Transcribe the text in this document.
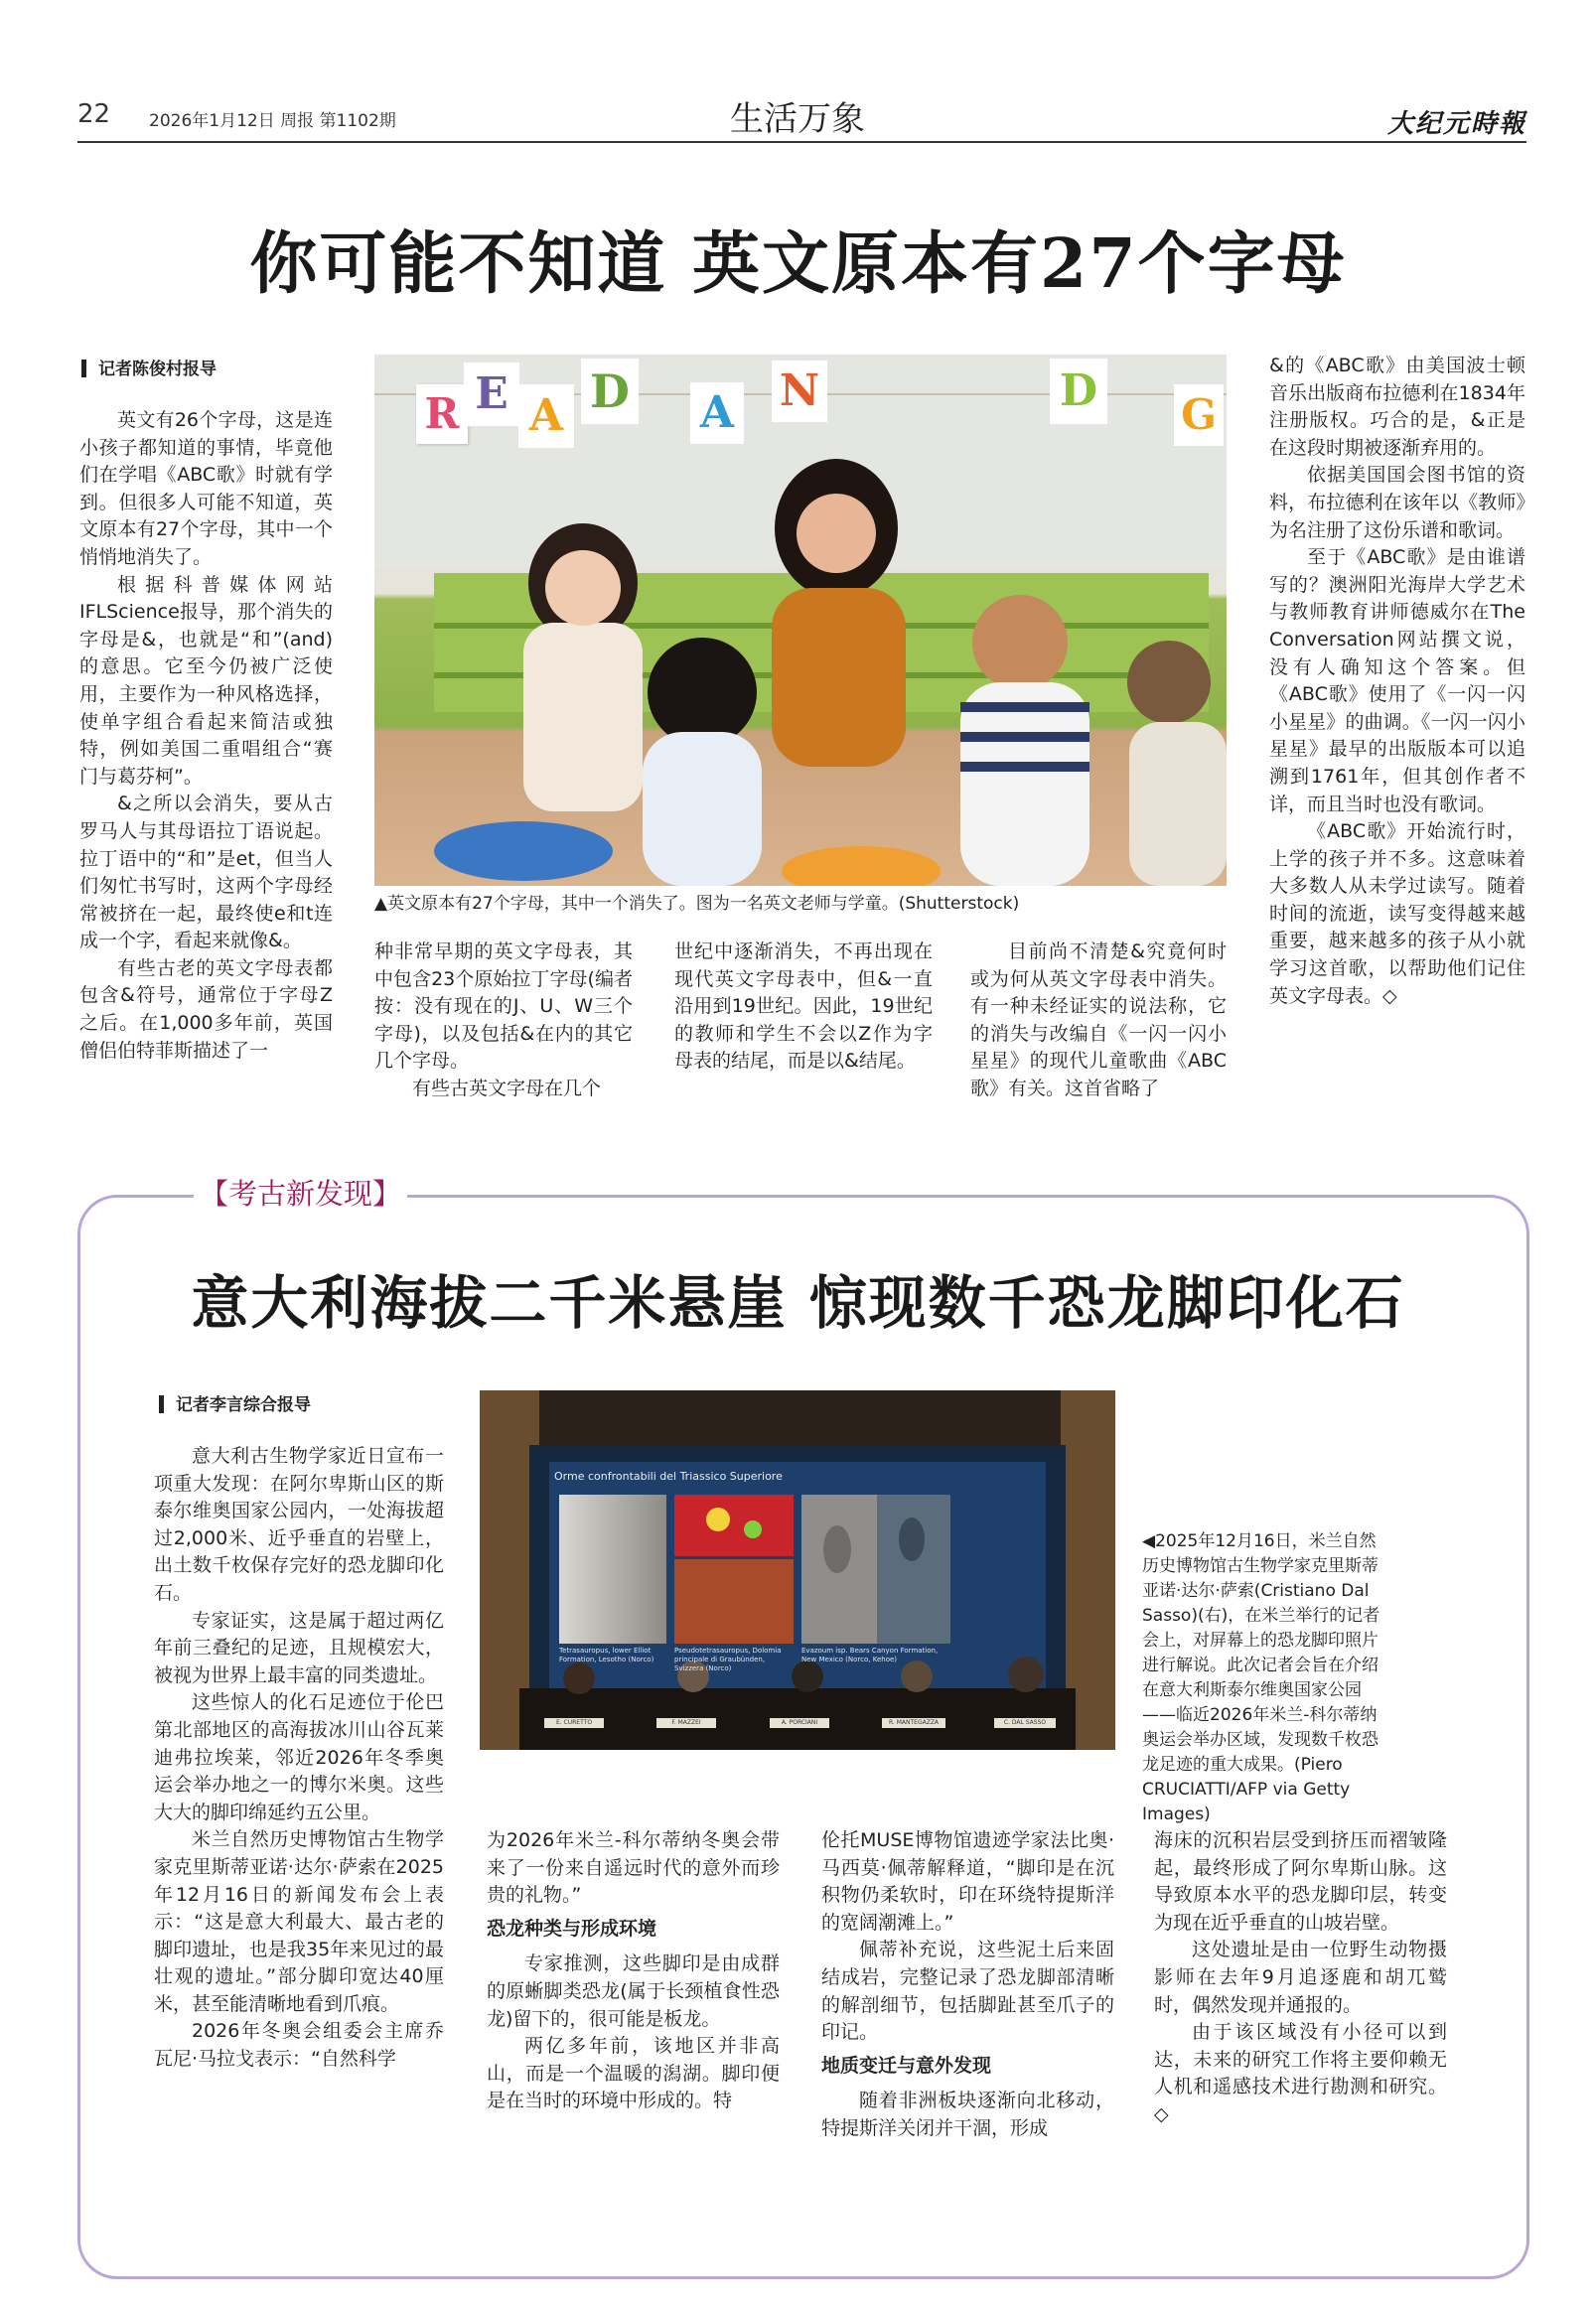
22 2026年1月12日 周报 第1102期	生活万象	大纪元時報
你可能不知道 英文原本有27个字母
记者陈俊村报导

英文有26个字母，这是连小孩子都知道的事情，毕竟他们在学唱《ABC歌》时就有学到。但很多人可能不知道，英文原本有27个字母，其中一个悄悄地消失了。

根据科普媒体网站IFLScience报导，那个消失的字母是&，也就是“和”(and)的意思。它至今仍被广泛使用，主要作为一种风格选择，使单字组合看起来简洁或独特，例如美国二重唱组合“赛门与葛芬柯”。

&之所以会消失，要从古罗马人与其母语拉丁语说起。拉丁语中的“和”是et，但当人们匆忙书写时，这两个字母经常被挤在一起，最终使e和t连成一个字，看起来就像&。

有些古老的英文字母表都包含&符号，通常位于字母Z之后。在1,000多年前，英国僧侣伯特菲斯描述了一

R E A D A N	D G
▲英文原本有27个字母，其中一个消失了。图为一名英文老师与学童。(Shutterstock)

种非常早期的英文字母表，其中包含23个原始拉丁字母(编者按：没有现在的J、U、W三个字母)，以及包括&在内的其它几个字母。

有些古英文字母在几个

世纪中逐渐消失，不再出现在现代英文字母表中，但&一直沿用到19世纪。因此，19世纪的教师和学生不会以Z作为字母表的结尾，而是以&结尾。

目前尚不清楚&究竟何时或为何从英文字母表中消失。有一种未经证实的说法称，它的消失与改编自《一闪一闪小星星》的现代儿童歌曲《ABC歌》有关。这首省略了

&的《ABC歌》由美国波士顿音乐出版商布拉德利在1834年注册版权。巧合的是，&正是在这段时期被逐渐弃用的。

依据美国国会图书馆的资料，布拉德利在该年以《教师》为名注册了这份乐谱和歌词。

至于《ABC歌》是由谁谱写的？澳洲阳光海岸大学艺术与教师教育讲师德威尔在The Conversation网站撰文说，没有人确知这个答案。但《ABC歌》使用了《一闪一闪小星星》的曲调。《一闪一闪小星星》最早的出版版本可以追溯到1761年，但其创作者不详，而且当时也没有歌词。

《ABC歌》开始流行时，上学的孩子并不多。这意味着大多数人从未学过读写。随着时间的流逝，读写变得越来越重要，越来越多的孩子从小就学习这首歌，以帮助他们记住英文字母表。◇

【考古新发现】
意大利海拔二千米悬崖 惊现数千恐龙脚印化石
记者李言综合报导

意大利古生物学家近日宣布一项重大发现：在阿尔卑斯山区的斯泰尔维奥国家公园内，一处海拔超过2,000米、近乎垂直的岩壁上，出土数千枚保存完好的恐龙脚印化石。

专家证实，这是属于超过两亿年前三叠纪的足迹，且规模宏大，被视为世界上最丰富的同类遗址。

这些惊人的化石足迹位于伦巴第北部地区的高海拔冰川山谷瓦莱迪弗拉埃莱，邻近2026年冬季奥运会举办地之一的博尔米奥。这些大大的脚印绵延约五公里。

米兰自然历史博物馆古生物学家克里斯蒂亚诺·达尔·萨索在2025年12月16日的新闻发布会上表示：“这是意大利最大、最古老的脚印遗址，也是我35年来见过的最壮观的遗址。”部分脚印宽达40厘米，甚至能清晰地看到爪痕。

2026年冬奥会组委会主席乔瓦尼·马拉戈表示：“自然科学

Orme confrontabili del Triassico Superiore
Tetrasauropus, lower Elliot Formation, Lesotho (Norco)
Pseudotetrasauropus, Dolomia principale di Graubünden, Svizzera (Norco)
Evazoum isp. Bears Canyon Formation, New Mexico (Norco, Kehoe)
E. CURETTO	F. MAZZEI	A. PORCIANI	R. MANTEGAZZA	C. DAL SASSO
◀2025年12月16日，米兰自然历史博物馆古生物学家克里斯蒂亚诺·达尔·萨索(Cristiano Dal Sasso)(右)，在米兰举行的记者会上，对屏幕上的恐龙脚印照片进行解说。此次记者会旨在介绍在意大利斯泰尔维奥国家公园——临近2026年米兰-科尔蒂纳奥运会举办区域，发现数千枚恐龙足迹的重大成果。(Piero CRUCIATTI/AFP via Getty Images)

为2026年米兰-科尔蒂纳冬奥会带来了一份来自遥远时代的意外而珍贵的礼物。”

恐龙种类与形成环境

专家推测，这些脚印是由成群的原蜥脚类恐龙(属于长颈植食性恐龙)留下的，很可能是板龙。

两亿多年前，该地区并非高山，而是一个温暖的潟湖。脚印便是在当时的环境中形成的。特

伦托MUSE博物馆遗迹学家法比奥·马西莫·佩蒂解释道，“脚印是在沉积物仍柔软时，印在环绕特提斯洋的宽阔潮滩上。”

佩蒂补充说，这些泥土后来固结成岩，完整记录了恐龙脚部清晰的解剖细节，包括脚趾甚至爪子的印记。

地质变迁与意外发现

随着非洲板块逐渐向北移动，特提斯洋关闭并干涸，形成

海床的沉积岩层受到挤压而褶皱隆起，最终形成了阿尔卑斯山脉。这导致原本水平的恐龙脚印层，转变为现在近乎垂直的山坡岩壁。

这处遗址是由一位野生动物摄影师在去年9月追逐鹿和胡兀鹫时，偶然发现并通报的。

由于该区域没有小径可以到达，未来的研究工作将主要仰赖无人机和遥感技术进行勘测和研究。◇
